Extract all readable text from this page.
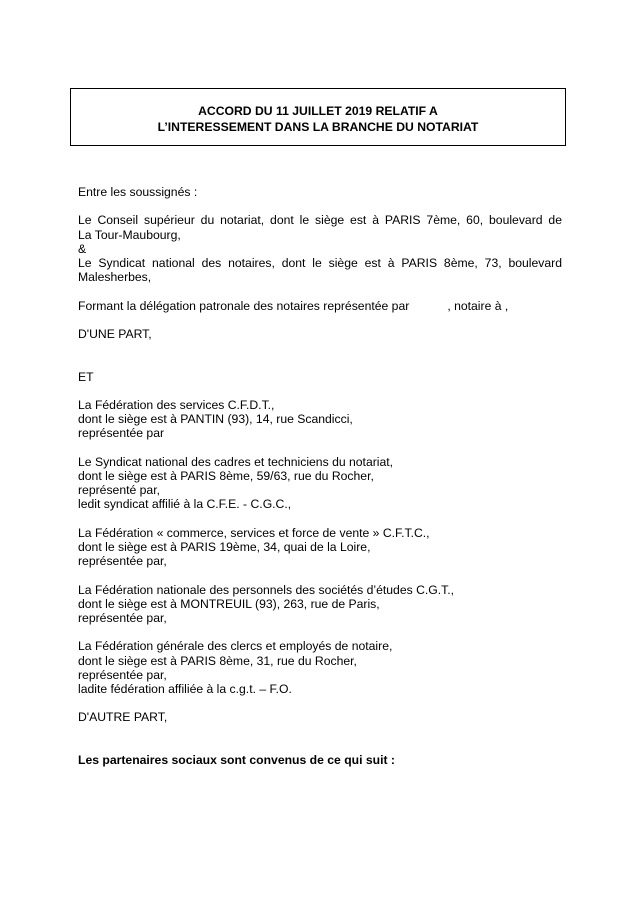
ACCORD DU 11 JUILLET 2019 RELATIF A
L’INTERESSEMENT DANS LA BRANCHE DU NOTARIAT

Entre les soussignés :

Le Conseil supérieur du notariat, dont le siège est à PARIS 7ème, 60, boulevard de

La Tour-Maubourg,

&

Le Syndicat national des notaires, dont le siège est à PARIS 8ème, 73, boulevard

Malesherbes,

Formant la délégation patronale des notaires représentée par	, notaire à ,

D'UNE PART,

ET

La Fédération des services C.F.D.T.,

dont le siège est à PANTIN (93), 14, rue Scandicci,

représentée par

Le Syndicat national des cadres et techniciens du notariat,

dont le siège est à PARIS 8ème, 59/63, rue du Rocher,

représenté par,

ledit syndicat affilié à la C.F.E. - C.G.C.,

La Fédération « commerce, services et force de vente » C.F.T.C.,

dont le siège est à PARIS 19ème, 34, quai de la Loire,

représentée par,

La Fédération nationale des personnels des sociétés d’études C.G.T.,

dont le siège est à MONTREUIL (93), 263, rue de Paris,

représentée par,

La Fédération générale des clercs et employés de notaire,

dont le siège est à PARIS 8ème, 31, rue du Rocher,

représentée par,

ladite fédération affiliée à la c.g.t. – F.O.

D'AUTRE PART,

Les partenaires sociaux sont convenus de ce qui suit :
